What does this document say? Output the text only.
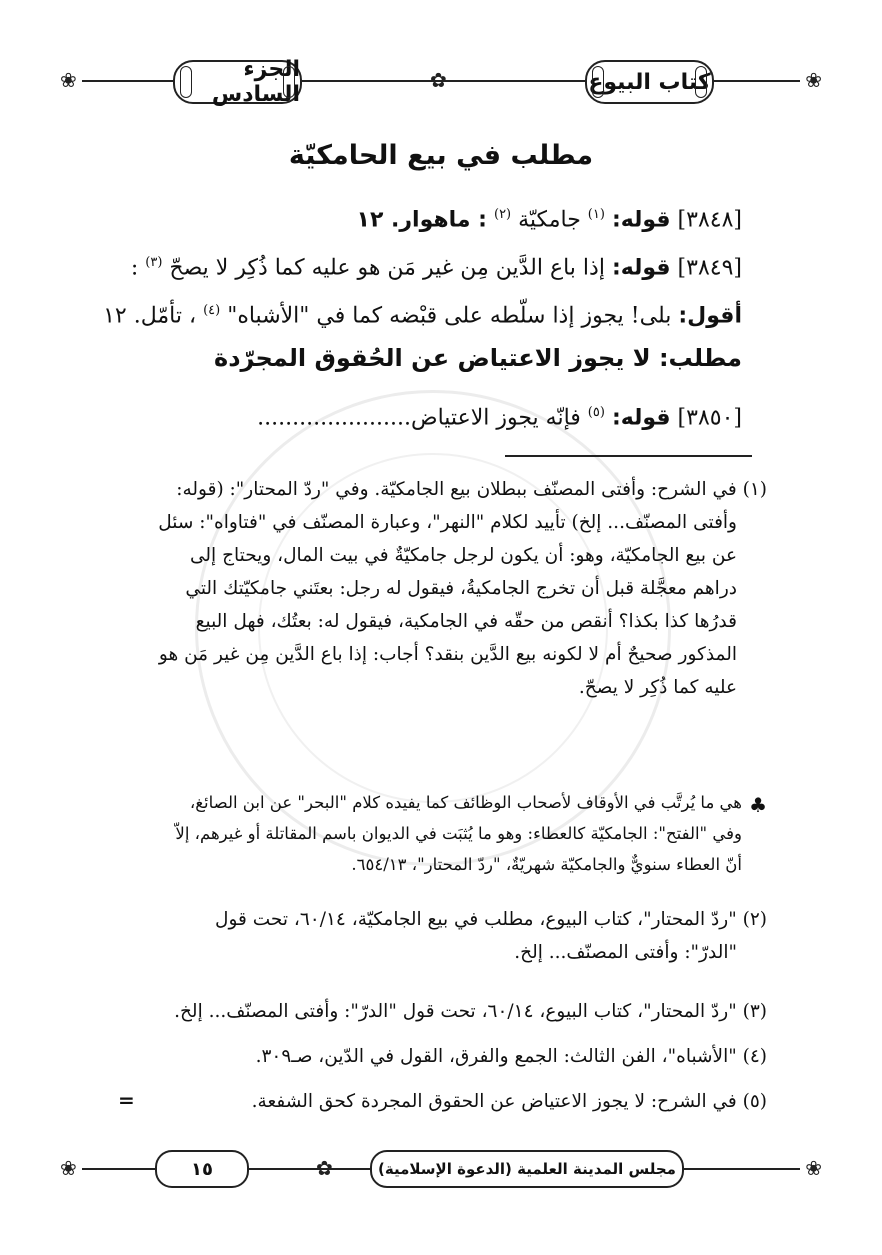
❀	❀
✿	كتاب البيوع
الجزء السادس
مطلب في بيع الحامكيّة
[٣٨٤٨] قوله: $^{(١)}$ جامكيّة $^{(٢)}$ : ماهوار. ١٢
[٣٨٤٩] قوله: إذا باع الدَّين مِن غير مَن هو عليه كما ذُكِر لا يصحّ $^{(٣)}$ :
أقول: بلى! يجوز إذا سلّطه على قبْضه كما في "الأشباه" $^{(٤)}$ ، تأمّل. ١٢
مطلب: لا يجوز الاعتياض عن الحُقوق المجرّدة
[٣٨٥٠] قوله: $^{(٥)}$ فإنّه يجوز الاعتياض......................

(١) في الشرح: وأفتى المصنّف ببطلان بيع الجامكيّة. وفي "ردّ المحتار": (قوله:

وأفتى المصنّف... إلخ) تأييد لكلام "النهر"، وعبارة المصنّف في "فتاواه": سئل

عن بيع الجامكيّة، وهو: أن يكون لرجل جامكيّةٌ في بيت المال، ويحتاج إلى

دراهم معجَّلة قبل أن تخرج الجامكيةُ، فيقول له رجل: بعتَني جامكيّتك التي

قدرُها كذا بكذا؟ أنقص من حقّه في الجامكية، فيقول له: بعتُك، فهل البيع

المذكور صحيحٌ أم لا لكونه بيع الدَّين بنقد؟ أجاب: إذا باع الدَّين مِن غير مَن هو

عليه كما ذُكِر لا يصحّ.

♣

هي ما يُرتَّب في الأوقاف لأصحاب الوظائف كما يفيده كلام "البحر" عن ابن الصائغ،

وفي "الفتح": الجامكيّة كالعطاء: وهو ما يُثبَت في الديوان باسم المقاتلة أو غيرهم، إلاّ

أنّ العطاء سنويٌّ والجامكيّة شهريّةٌ، "ردّ المحتار"، ٦٥٤/١٣.

(٢) "ردّ المحتار"، كتاب البيوع، مطلب في بيع الجامكيّة، ٦٠/١٤، تحت قول

"الدرّ": وأفتى المصنّف... إلخ.

(٣) "ردّ المحتار"، كتاب البيوع، ٦٠/١٤، تحت قول "الدرّ": وأفتى المصنّف... إلخ.

(٤) "الأشباه"، الفن الثالث: الجمع والفرق، القول في الدّين، صـ٣٠٩.

(٥) في الشرح: لا يجوز الاعتياض عن الحقوق المجردة كحق الشفعة.

=
❀	❀
✿	مجلس المدينة العلمية (الدعوة الإسلامية)
١٥
